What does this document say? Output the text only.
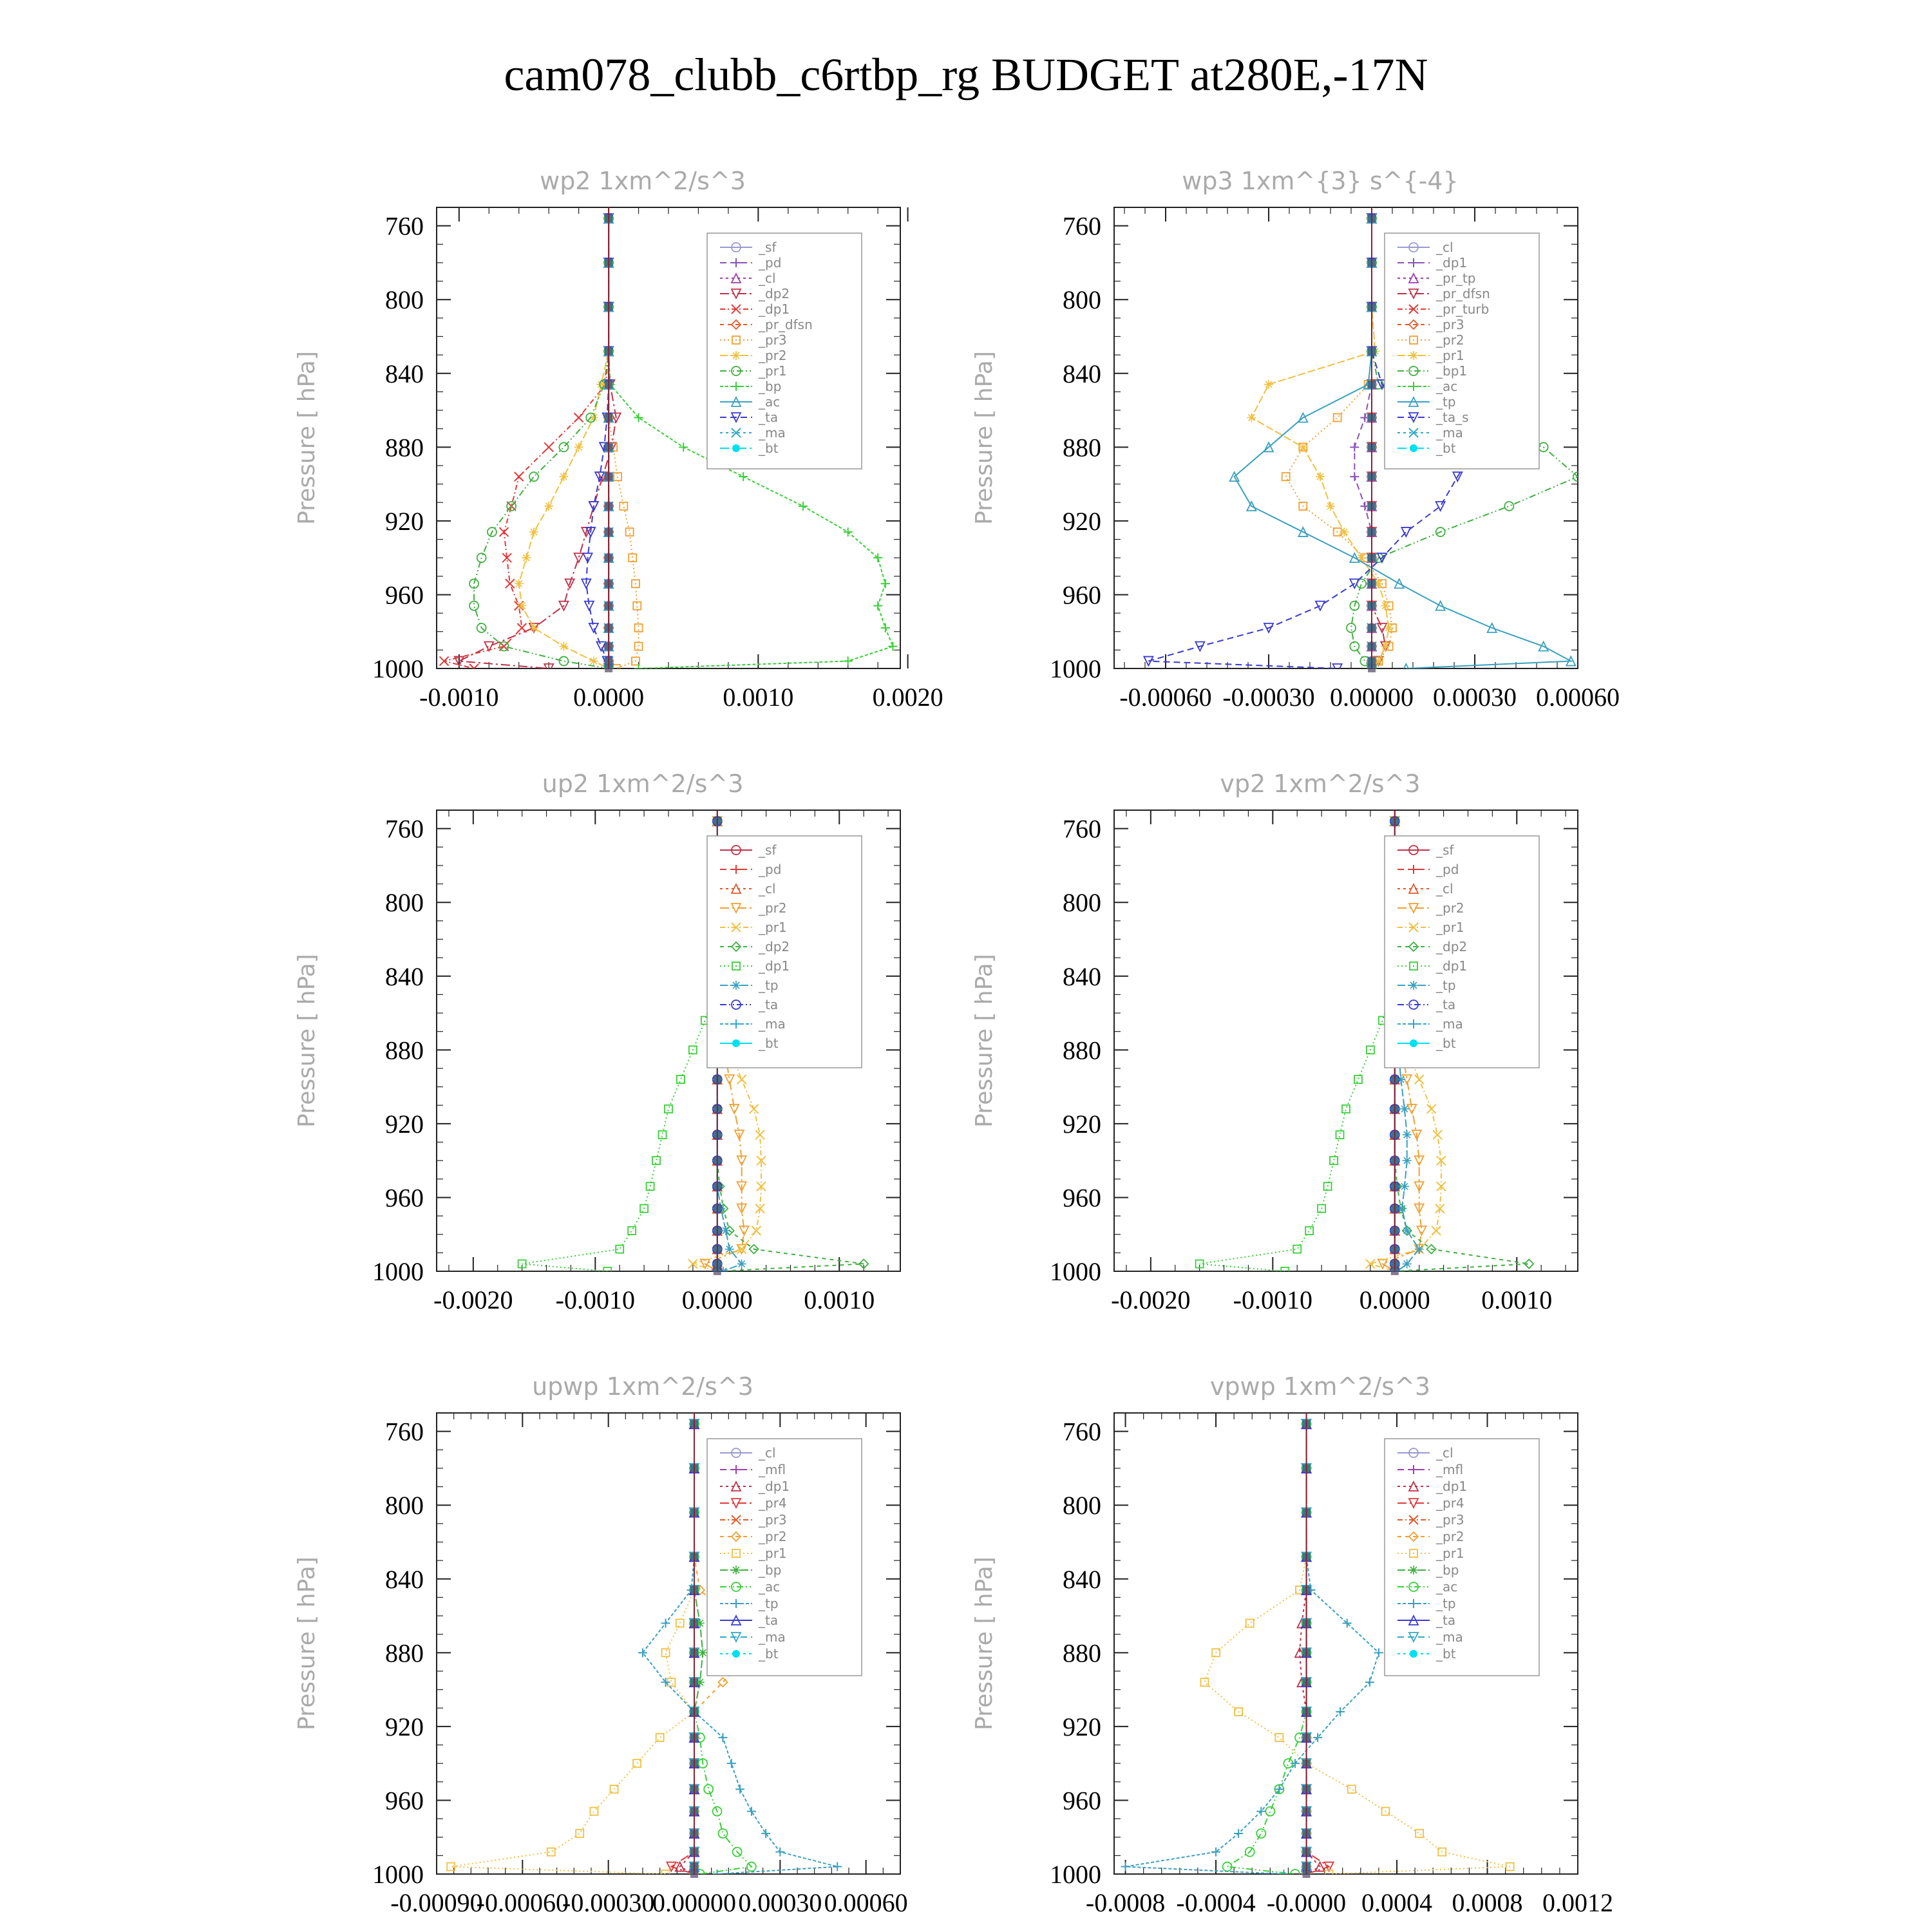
cam078_clubb_c6rtbp_rg BUDGET at280E,-17N
wp2 1xm^2/s^3
Pressure [ hPa]
760
800
840
880
920
960
1000
-0.0010	0.0000	0.0010	0.0020
_sf
_pd
_cl
_dp2
_dp1
_pr_dfsn
_pr3
_pr2
_pr1
_bp
_ac
_ta
_ma
_bt
wp3 1xm^{3} s^{-4}
Pressure [ hPa]
760
800
840
880
920
960
1000
-0.00060 -0.00030 0.00000 0.00030 0.00060
_cl
_dp1
_pr_tp
_pr_dfsn
_pr_turb
_pr3
_pr2
_pr1
_bp1
_ac
_tp
_ta_s
_ma
_bt
up2 1xm^2/s^3
Pressure [ hPa]
760
800
840
880
920
960
1000
-0.0020 -0.0010 0.0000 0.0010
_sf
_pd
_cl
_pr2
_pr1
_dp2
_dp1
_tp
_ta
_ma
_bt
vp2 1xm^2/s^3
Pressure [ hPa]
760
800
840
880
920
960
1000
-0.0020 -0.0010 0.0000 0.0010
_sf
_pd
_cl
_pr2
_pr1
_dp2
_dp1
_tp
_ta
_ma
_bt
upwp 1xm^2/s^3
Pressure [ hPa]
760
800
840
880
920
960
1000
-0.00090
-0.00060
-0.00030
0.00000 0.00030 0.00060
_cl
_mfl
_dp1
_pr4
_pr3
_pr2
_pr1
_bp
_ac
_tp
_ta
_ma
_bt
vpwp 1xm^2/s^3
Pressure [ hPa]
760
800
840
880
920
960
1000
-0.0008 -0.0004 -0.0000 0.0004 0.0008 0.0012
_cl
_mfl
_dp1
_pr4
_pr3
_pr2
_pr1
_bp
_ac
_tp
_ta
_ma
_bt
